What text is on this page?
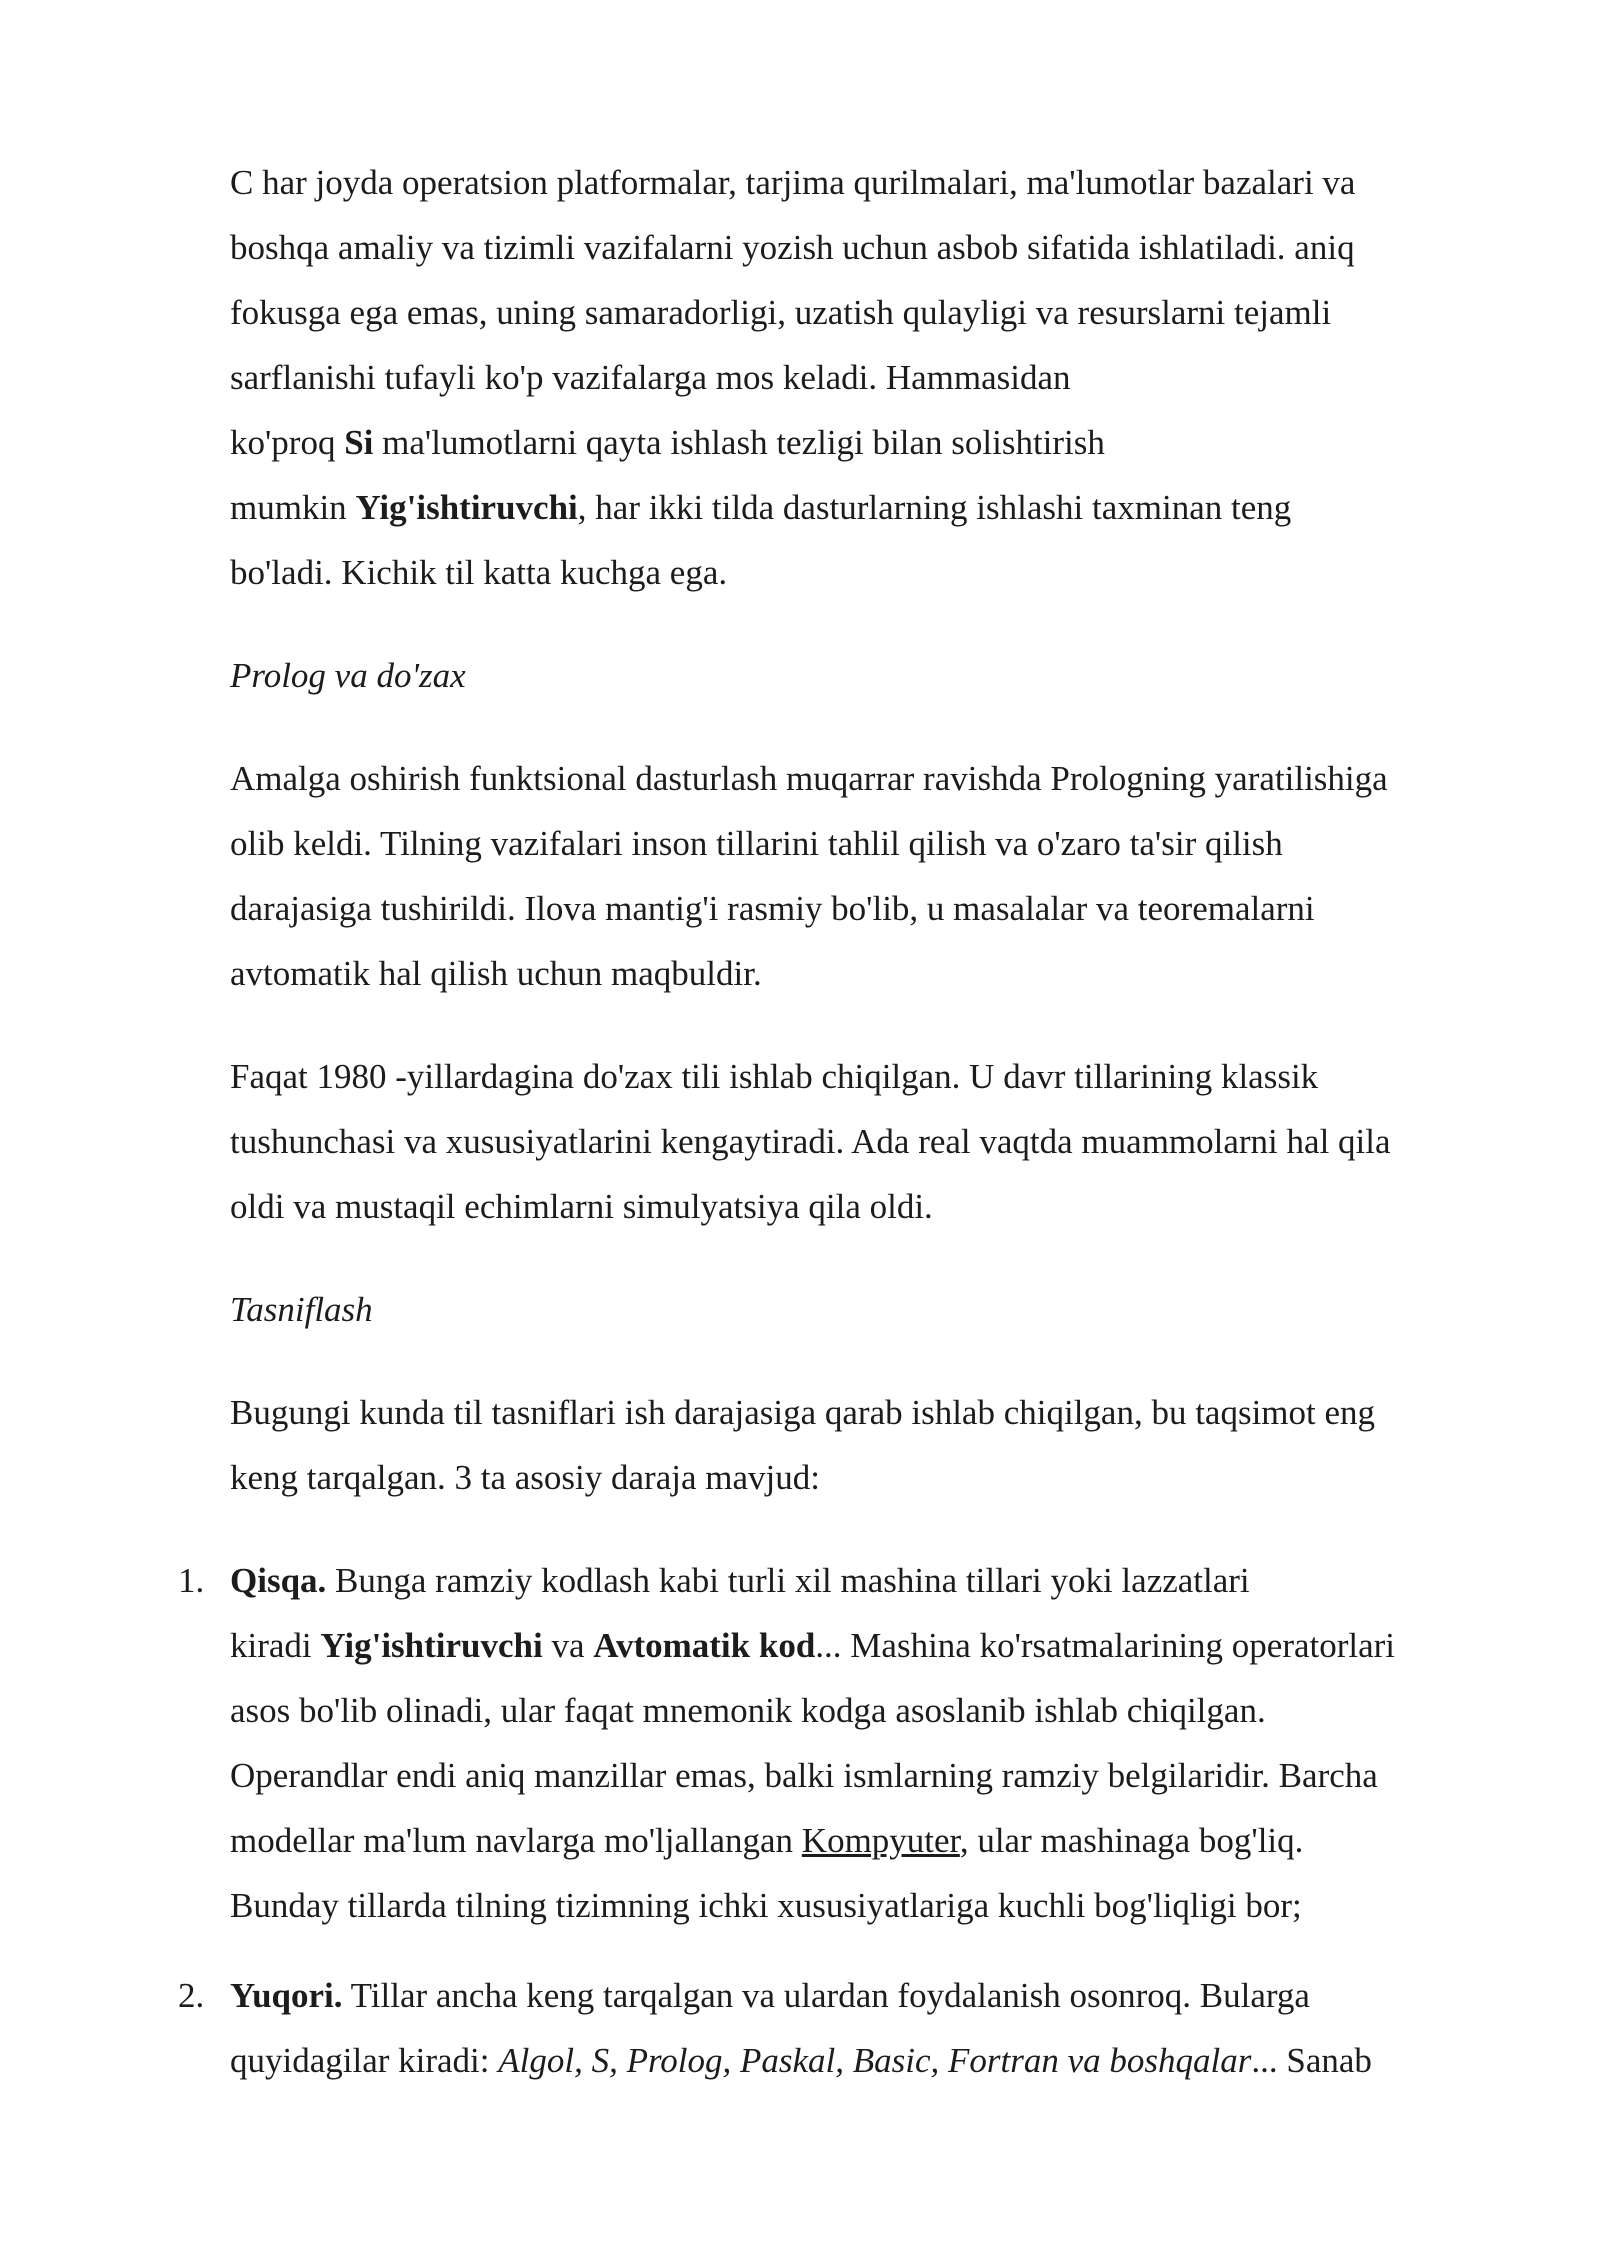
C har joyda operatsion platformalar, tarjima qurilmalari, ma'lumotlar bazalari va
boshqa amaliy va tizimli vazifalarni yozish uchun asbob sifatida ishlatiladi. aniq
fokusga ega emas, uning samaradorligi, uzatish qulayligi va resurslarni tejamli
sarflanishi tufayli ko'p vazifalarga mos keladi. Hammasidan
ko'proq Si ma'lumotlarni qayta ishlash tezligi bilan solishtirish
mumkin Yig'ishtiruvchi, har ikki tilda dasturlarning ishlashi taxminan teng
bo'ladi. Kichik til katta kuchga ega.

Prolog va do'zax

Amalga oshirish funktsional dasturlash muqarrar ravishda Prologning yaratilishiga
olib keldi. Tilning vazifalari inson tillarini tahlil qilish va o'zaro ta'sir qilish
darajasiga tushirildi. Ilova mantig'i rasmiy bo'lib, u masalalar va teoremalarni
avtomatik hal qilish uchun maqbuldir.

Faqat 1980 -yillardagina do'zax tili ishlab chiqilgan. U davr tillarining klassik
tushunchasi va xususiyatlarini kengaytiradi. Ada real vaqtda muammolarni hal qila
oldi va mustaqil echimlarni simulyatsiya qila oldi.

Tasniflash

Bugungi kunda til tasniflari ish darajasiga qarab ishlab chiqilgan, bu taqsimot eng
keng tarqalgan. 3 ta asosiy daraja mavjud:

1. Qisqa. Bunga ramziy kodlash kabi turli xil mashina tillari yoki lazzatlari
kiradi Yig'ishtiruvchi va Avtomatik kod... Mashina ko'rsatmalarining operatorlari
asos bo'lib olinadi, ular faqat mnemonik kodga asoslanib ishlab chiqilgan.
Operandlar endi aniq manzillar emas, balki ismlarning ramziy belgilaridir. Barcha
modellar ma'lum navlarga mo'ljallangan Kompyuter, ular mashinaga bog'liq.
Bunday tillarda tilning tizimning ichki xususiyatlariga kuchli bog'liqligi bor;
2. Yuqori. Tillar ancha keng tarqalgan va ulardan foydalanish osonroq. Bularga
quyidagilar kiradi: Algol, S, Prolog, Paskal, Basic, Fortran va boshqalar... Sanab
